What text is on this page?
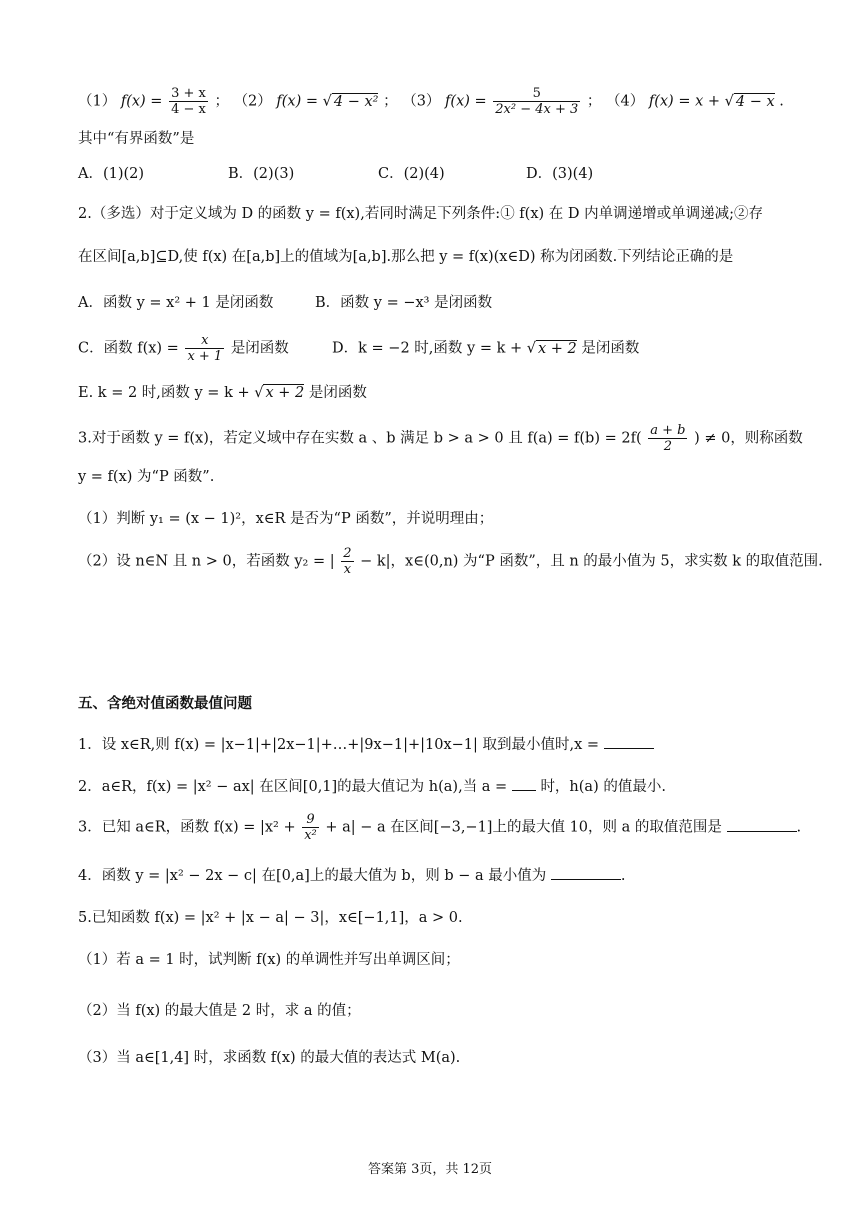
（1） $f(x) = \frac{3 + x}{4 - x}$ ； （2） f(x) = √ 4 − x² ； （3） $f(x) = \frac{5}{\text{2x² − 4x + 3}}$ ； （4） f(x) = x + √ 4 − x .
其中“有界函数”是
A．(1)(2)	B．(2)(3)	C．(2)(4)	D．(3)(4)
2.（多选）对于定义域为 D 的函数 y = f(x),若同时满足下列条件:① f(x) 在 D 内单调递增或单调递减;②存
在区间[a,b]⊆D,使 f(x) 在[a,b]上的值域为[a,b].那么把 y = f(x)(x∈D) 称为闭函数.下列结论正确的是
A．函数 y = x² + 1 是闭函数	B．函数 y = −x³ 是闭函数
C．函数 $f(x) = \frac{x}{x + 1}$ 是闭函数	D．k = −2 时,函数 y = k + √ x + 2 是闭函数
E. k = 2 时,函数 y = k + √ x + 2 是闭函数
3.对于函数 y = f(x)，若定义域中存在实数 a 、b 满足 b > a > 0 且 $f(a) = f(b) = 2f( \frac{a + b}{2}$ ) ≠ 0，则称函数
y = f(x) 为“P 函数”.
（1）判断 y₁ = (x − 1)²，x∈R 是否为“P 函数”，并说明理由；
（2）设 n∈N 且 n > 0，若函数 y₂ = | $\frac{2}{x} - k|$，x∈(0,n) 为“P 函数”，且 n 的最小值为 5，求实数 k 的取值范围.
五、含绝对值函数最值问题
1．设 x∈R,则 f(x) = |x−1|+|2x−1|+…+|9x−1|+|10x−1| 取到最小值时,x =
2．a∈R，f(x) = |x² − ax| 在区间[0,1]的最大值记为 h(a),当 a = 时，h(a) 的值最小.
3．已知 a∈R，函数 $f(x) = |x^2 + \frac{9}{\text{x²}} + a| - a$ 在区间[−3,−1]上的最大值 10，则 a 的取值范围是	.
4．函数 y = |x² − 2x − c| 在[0,a]上的最大值为 b，则 b − a 最小值为	.
5.已知函数 f(x) = |x² + |x − a| − 3|，x∈[−1,1]，a > 0.
（1）若 a = 1 时，试判断 f(x) 的单调性并写出单调区间；
（2）当 f(x) 的最大值是 2 时，求 a 的值；
（3）当 a∈[1,4] 时，求函数 f(x) 的最大值的表达式 M(a).
答案第 3页，共 12页
